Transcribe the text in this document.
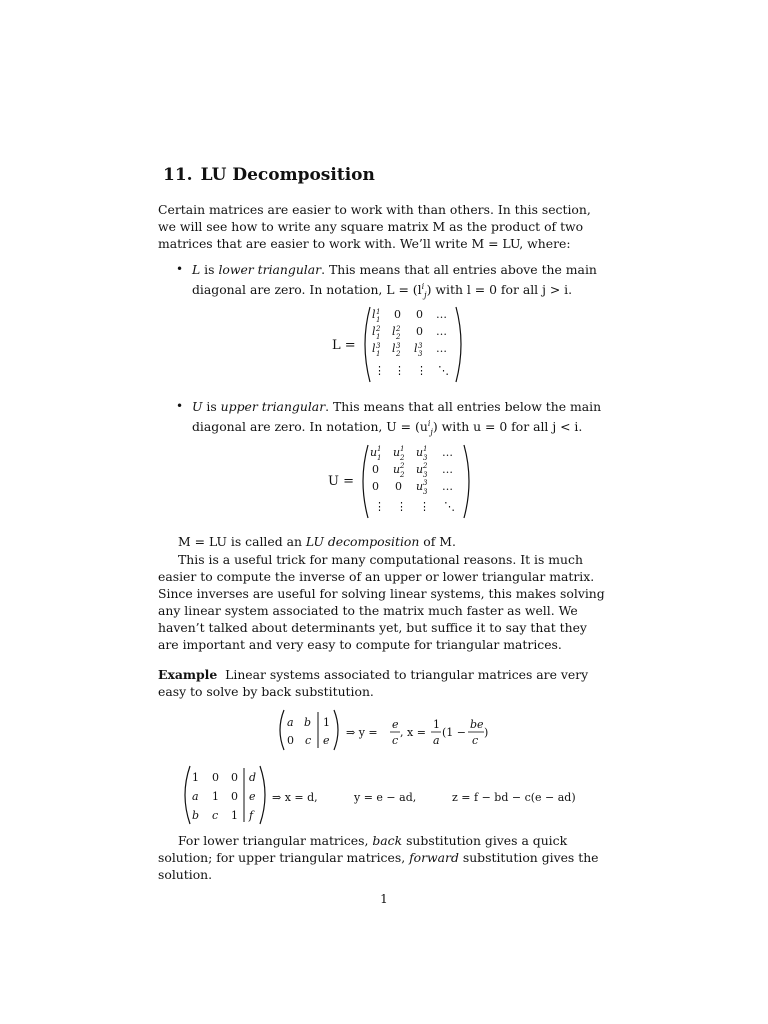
11. LU Decomposition
Certain matrices are easier to work with than others. In this section, we will see how to write any square matrix M as the product of two matrices that are easier to work with. We’ll write M = LU, where:
• L is lower triangular. This means that all entries above the main diagonal are zero. In notation, $L = (l^i_j)$ with l = 0 for all j > i.
L =
l 1
1 0 0 …
l 2
1 l 2
2 0 …
l 3
1 l 3
2 l 3
3 …
⋮ ⋮ ⋮ ⋱
• U is upper triangular. This means that all entries below the main diagonal are zero. In notation, $U = (u^i_j)$ with u = 0 for all j < i.
U =
u 1
1 u 1
2 u 1
3 …
0 u 2
2 u 2
3 …
0 0 u 3
3 …
⋮ ⋮ ⋮ ⋱
M = LU is called an LU decomposition of M.
This is a useful trick for many computational reasons. It is much easier to compute the inverse of an upper or lower triangular matrix. Since inverses are useful for solving linear systems, this makes solving any linear system associated to the matrix much faster as well. We haven’t talked about determinants yet, but suffice it to say that they are important and very easy to compute for triangular matrices.
Example Linear systems associated to triangular matrices are very easy to solve by back substitution.
a b 1
0 c e
⇒ y =
e
c
, x =
1
a
(1 −
be
c
)
1 0 0 d
a 1 0 e
b c 1 f
⇒ x = d,	y = e − ad,	z = f − bd − c(e − ad)
For lower triangular matrices, back substitution gives a quick solution; for upper triangular matrices, forward substitution gives the solution.
1
